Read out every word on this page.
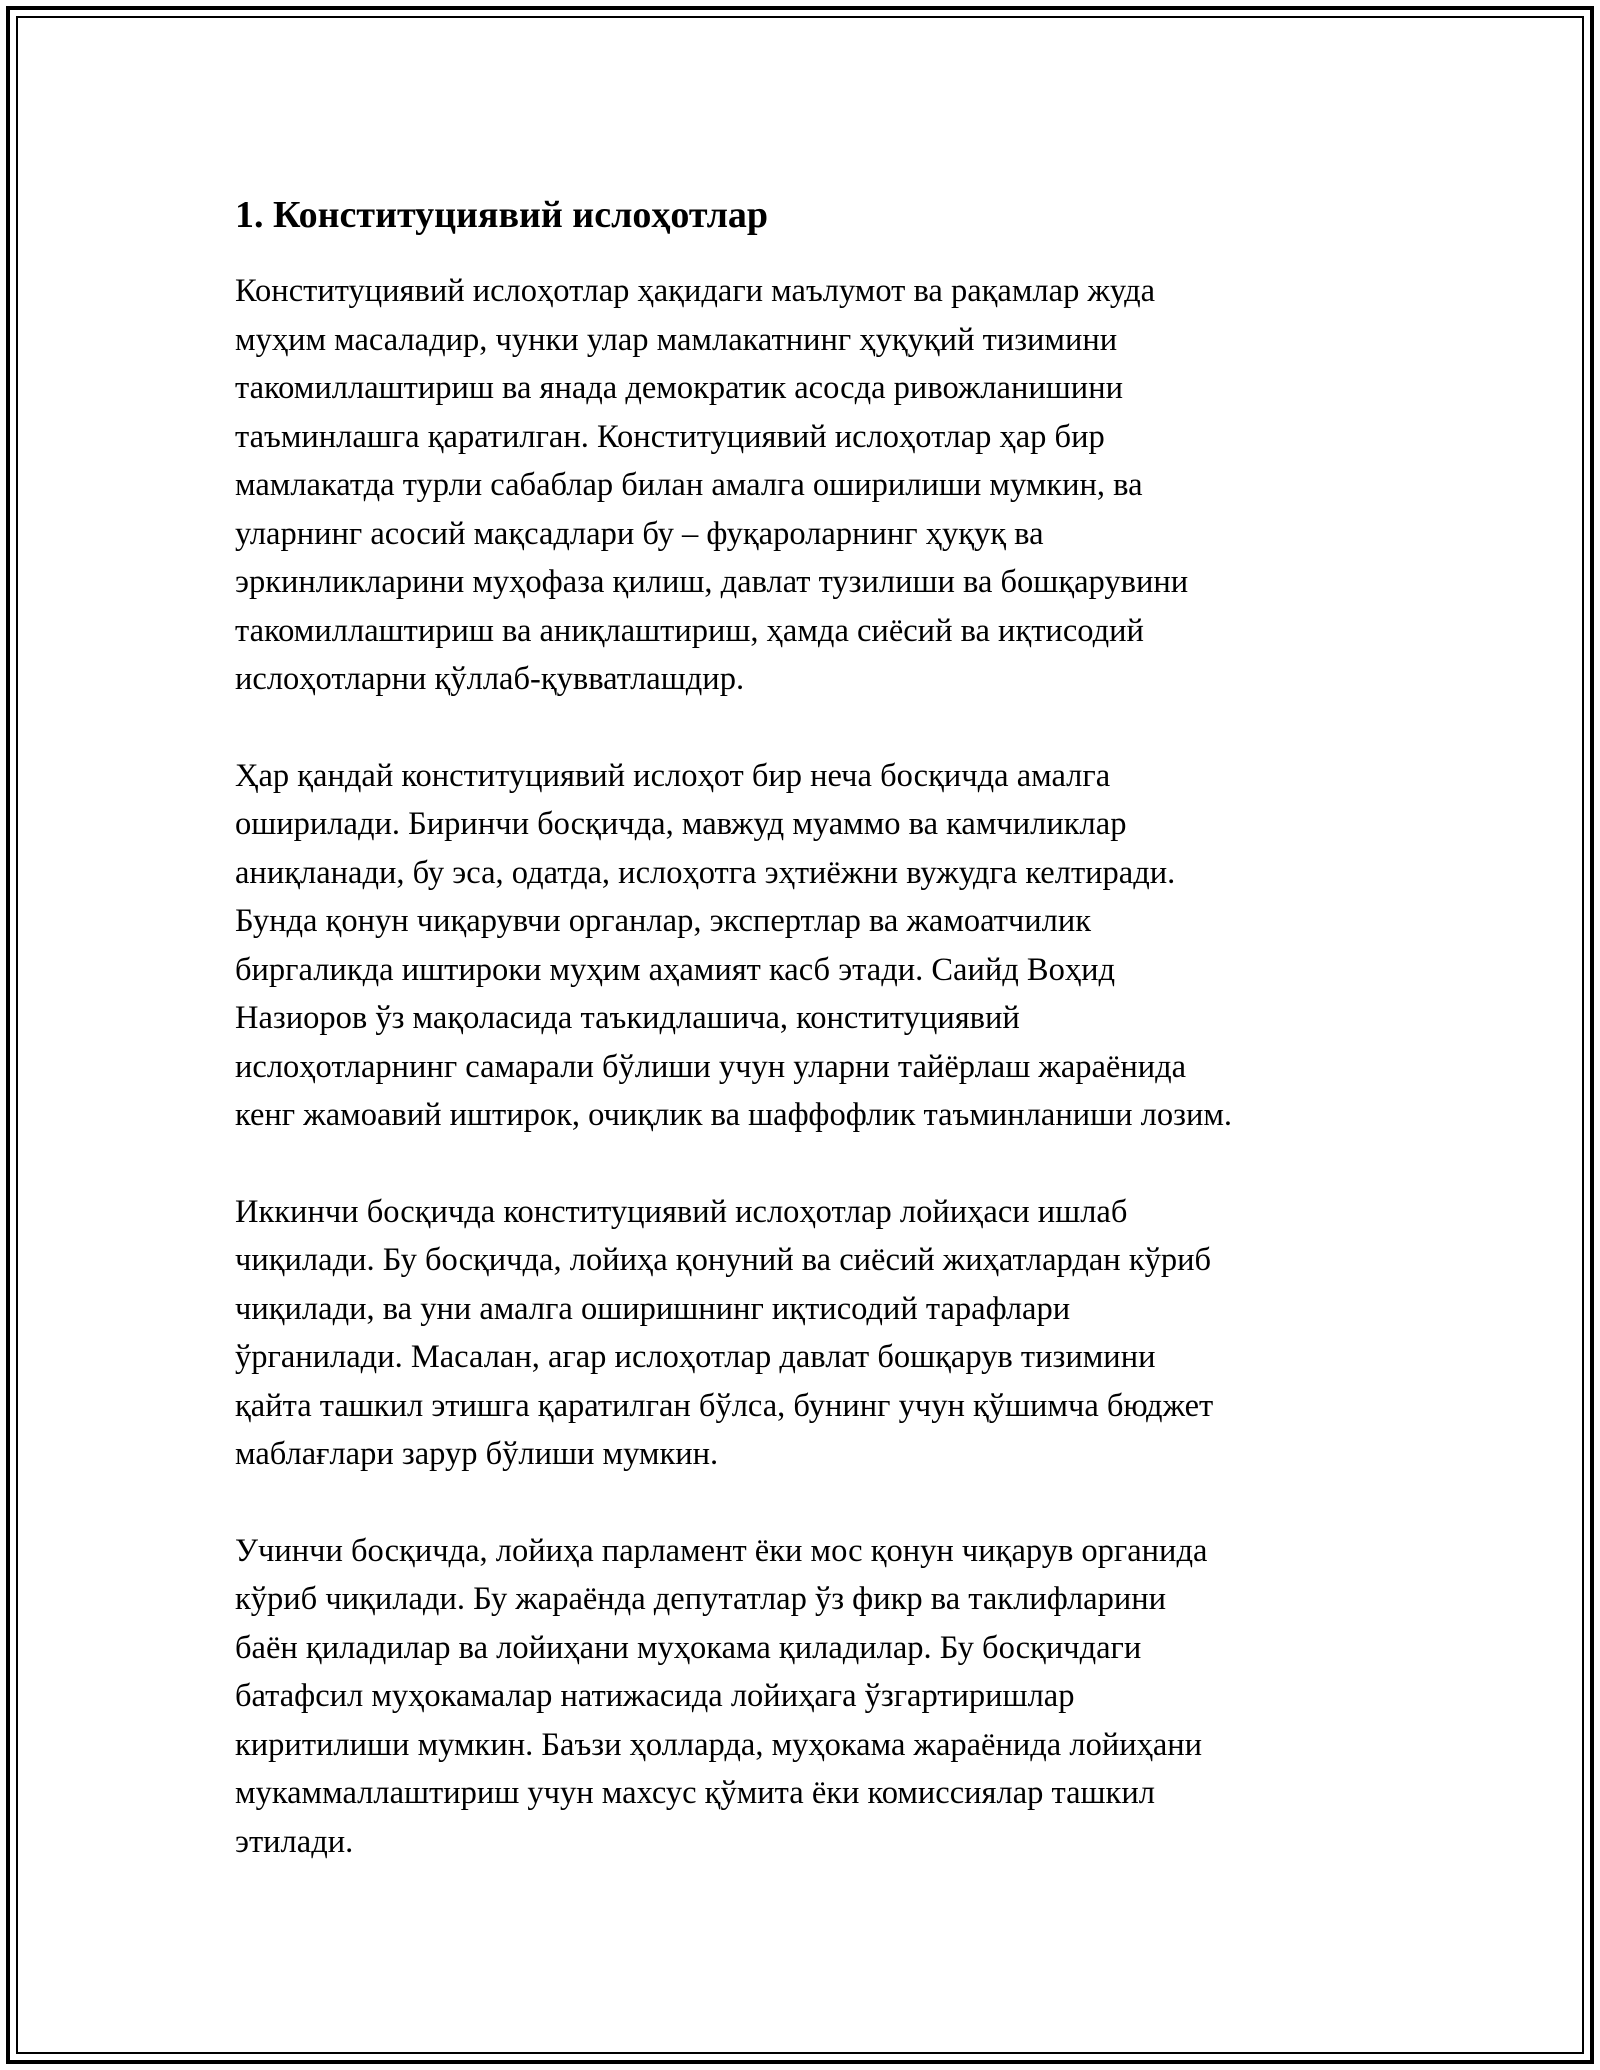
1. Конституциявий ислоҳотлар

Конституциявий ислоҳотлар ҳақидаги маълумот ва рақамлар жуда
муҳим масаладир, чунки улар мамлакатнинг ҳуқуқий тизимини
такомиллаштириш ва янада демократик асосда ривожланишини
таъминлашга қаратилган. Конституциявий ислоҳотлар ҳар бир
мамлакатда турли сабаблар билан амалга оширилиши мумкин, ва
уларнинг асосий мақсадлари бу – фуқароларнинг ҳуқуқ ва
эркинликларини муҳофаза қилиш, давлат тузилиши ва бошқарувини
такомиллаштириш ва аниқлаштириш, ҳамда сиёсий ва иқтисодий
ислоҳотларни қўллаб-қувватлашдир.

Ҳар қандай конституциявий ислоҳот бир неча босқичда амалга
оширилади. Биринчи босқичда, мавжуд муаммо ва камчиликлар
аниқланади, бу эса, одатда, ислоҳотга эҳтиёжни вужудга келтиради.
Бунда қонун чиқарувчи органлар, экспертлар ва жамоатчилик
биргаликда иштироки муҳим аҳамият касб этади. Саийд Воҳид
Назиоров ўз мақоласида таъкидлашича, конституциявий
ислоҳотларнинг самарали бўлиши учун уларни тайёрлаш жараёнида
кенг жамоавий иштирок, очиқлик ва шаффофлик таъминланиши лозим.

Иккинчи босқичда конституциявий ислоҳотлар лойиҳаси ишлаб
чиқилади. Бу босқичда, лойиҳа қонуний ва сиёсий жиҳатлардан кўриб
чиқилади, ва уни амалга оширишнинг иқтисодий тарафлари
ўрганилади. Масалан, агар ислоҳотлар давлат бошқарув тизимини
қайта ташкил этишга қаратилган бўлса, бунинг учун қўшимча бюджет
маблағлари зарур бўлиши мумкин.

Учинчи босқичда, лойиҳа парламент ёки мос қонун чиқарув органида
кўриб чиқилади. Бу жараёнда депутатлар ўз фикр ва таклифларини
баён қиладилар ва лойиҳани муҳокама қиладилар. Бу босқичдаги
батафсил муҳокамалар натижасида лойиҳага ўзгартиришлар
киритилиши мумкин. Баъзи ҳолларда, муҳокама жараёнида лойиҳани
мукаммаллаштириш учун махсус қўмита ёки комиссиялар ташкил
этилади.
